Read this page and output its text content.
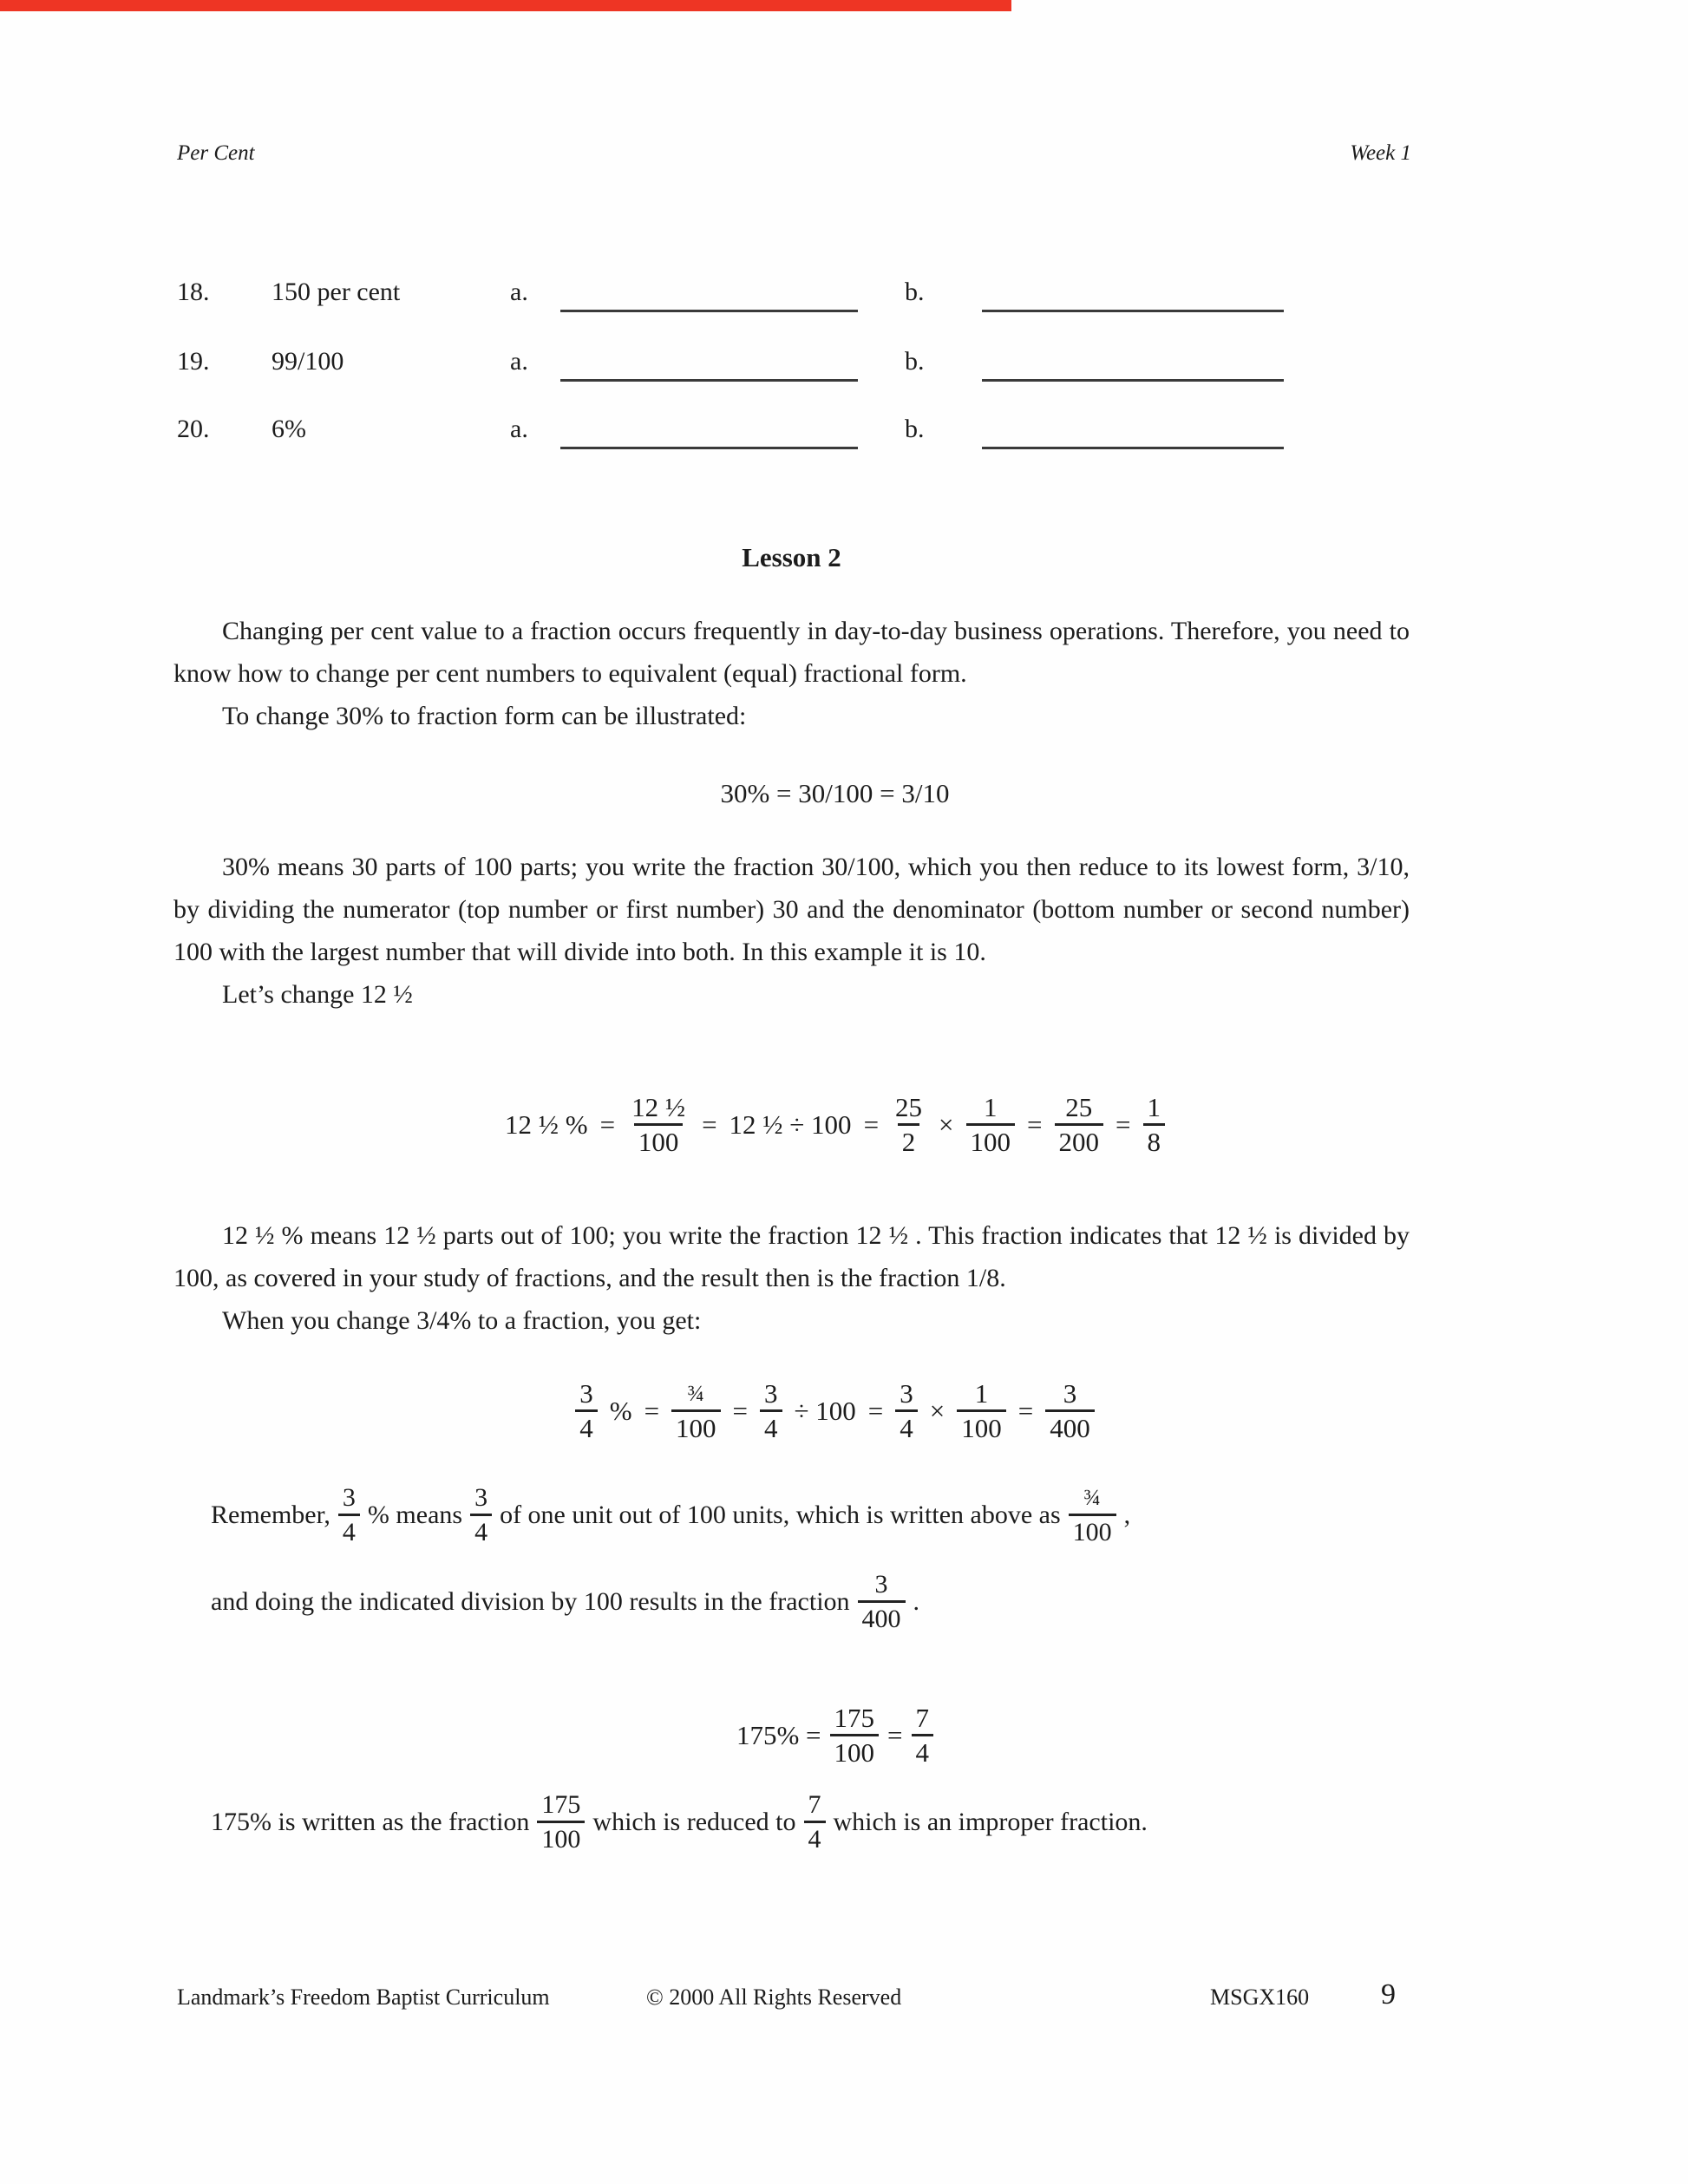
Per Cent	Week 1
18. 150 per cent	a.	b.
19. 99/100	a.	b.
20. 6%	a.	b.
Lesson 2

Changing per cent value to a fraction occurs frequently in day-to-day business operations. Therefore, you need to know how to change per cent numbers to equivalent (equal) fractional form.

To change 30% to fraction form can be illustrated:

30% = 30/100 = 3/10

30% means 30 parts of 100 parts; you write the fraction 30/100, which you then reduce to its lowest form, 3/10, by dividing the numerator (top number or first number) 30 and the denominator (bottom number or second number) 100 with the largest number that will divide into both. In this example it is 10.

Let’s change 12 ½

12 ½ % = $\frac{\text{12 ½}}{100} = 12$ ½ ÷ $100 = \frac{25}{2} \times \frac{1}{100} = \frac{25}{200} = \frac{1}{8}$

12 ½ % means 12 ½ parts out of 100; you write the fraction 12 ½ . This fraction indicates that 12 ½ is divided by 100, as covered in your study of fractions, and the result then is the fraction 1/8.

When you change 3/4% to a fraction, you get:

$\frac{3}{4}$ % = $\frac{\text{¾}}{100} = \frac{3}{4} \div 100 = \frac{3}{4} \times \frac{1}{100} = \frac{3}{400}$
Remember, $\frac{3}{4}$ % means $\frac{3}{4}$ of one unit out of 100 units, which is written above as $\frac{\text{¾}}{100}$ ,
and doing the indicated division by 100 results in the fraction $\frac{3}{400}$ .
$175\% = \frac{175}{100} = \frac{7}{4}$
175% is written as the fraction $\frac{175}{100}$ which is reduced to $\frac{7}{4}$ which is an improper fraction.
Landmark’s Freedom Baptist Curriculum	© 2000 All Rights Reserved	MSGX160 9
